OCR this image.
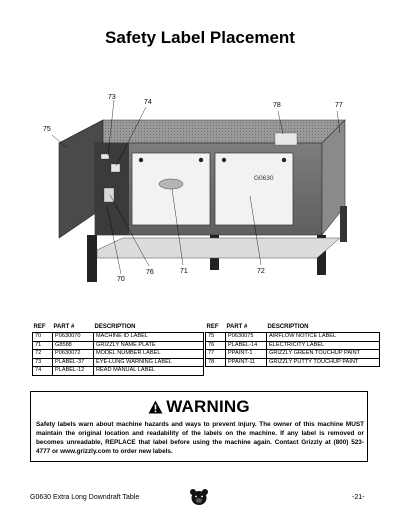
Safety Label Placement
73
74	78	77
75
76	71	72
70
G0630
REF	PART #	DESCRIPTION
70	P0630070	MACHINE ID LABEL
71	G8588	GRIZZLY NAME PLATE
72	P0630072	MODEL NUMBER LABEL
73	PLABEL-37	EYE-LUNG WARNING LABEL
74	PLABEL-12	READ MANUAL LABEL
REF	PART #	DESCRIPTION
75	P0630075	AIRFLOW NOTICE LABEL
76	PLABEL-14	ELECTRICITY LABEL
77	PPAINT-1	GRIZZLY GREEN TOUCHUP PAINT
78	PPAINT-11	GRIZZLY PUTTY TOUCHUP PAINT
WARNING
Safety labels warn about machine hazards and ways to prevent injury. The owner of this machine MUST maintain the original location and readability of the labels on the machine. If any label is removed or becomes unreadable, REPLACE that label before using the machine again. Contact Grizzly at (800) 523-4777 or www.grizzly.com to order new labels.
G0630 Extra Long Downdraft Table	-21-
